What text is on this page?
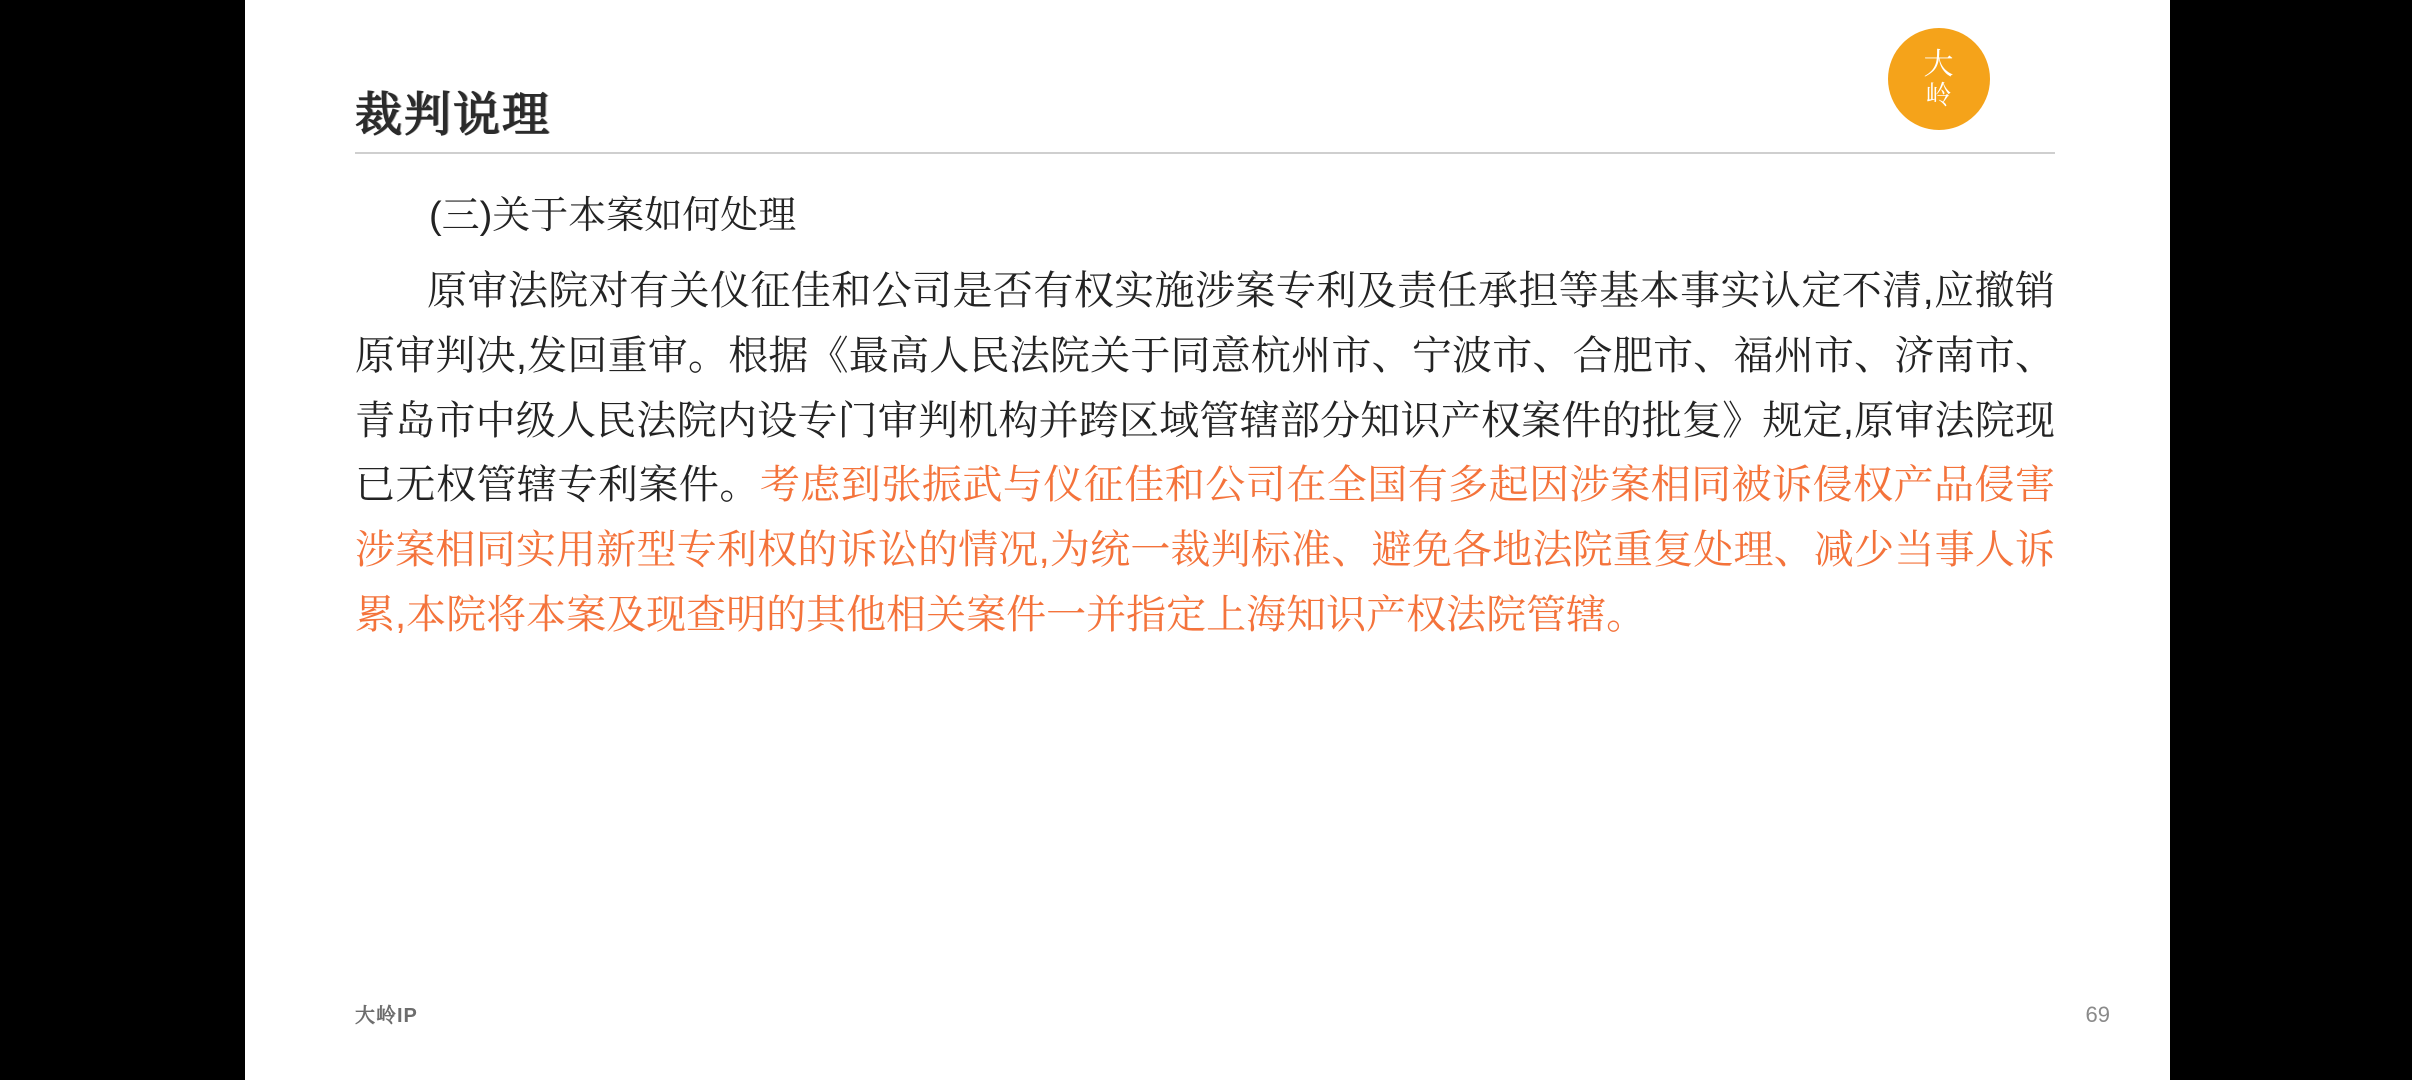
大
岭
裁判说理

(三)关于本案如何处理

原审法院对有关仪征佳和公司是否有权实施涉案专利及责任承担等基本事实认定不清,应撤销原审判决,发回重审。根据《最高人民法院关于同意杭州市、宁波市、合肥市、福州市、济南市、青岛市中级人民法院内设专门审判机构并跨区域管辖部分知识产权案件的批复》规定,原审法院现已无权管辖专利案件。考虑到张振武与仪征佳和公司在全国有多起因涉案相同被诉侵权产品侵害涉案相同实用新型专利权的诉讼的情况,为统一裁判标准、避免各地法院重复处理、减少当事人诉累,本院将本案及现查明的其他相关案件一并指定上海知识产权法院管辖。

大岭IP	69
